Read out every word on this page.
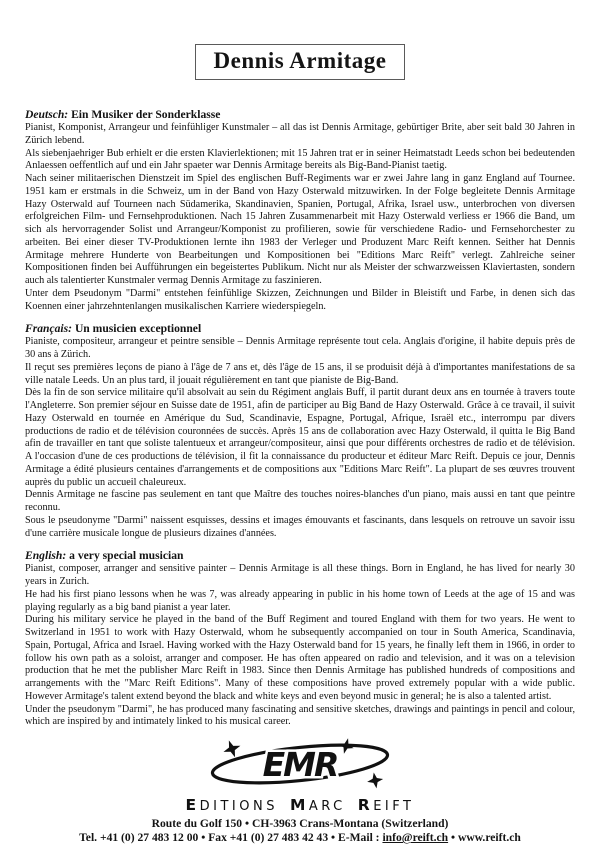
Dennis Armitage
Deutsch: Ein Musiker der Sonderklasse

Pianist, Komponist, Arrangeur und feinfühliger Kunstmaler – all das ist Dennis Armitage, gebürtiger Brite, aber seit bald 30 Jahren in Zürich lebend.

Als siebenjaehriger Bub erhielt er die ersten Klavierlektionen; mit 15 Jahren trat er in seiner Heimatstadt Leeds schon bei bedeutenden Anlaessen oeffentlich auf und ein Jahr spaeter war Dennis Armitage bereits als Big-Band-Pianist taetig.

Nach seiner militaerischen Dienstzeit im Spiel des englischen Buff-Regiments war er zwei Jahre lang in ganz England auf Tournee. 1951 kam er erstmals in die Schweiz, um in der Band von Hazy Osterwald mitzuwirken. In der Folge begleitete Dennis Armitage Hazy Osterwald auf Tourneen nach Südamerika, Skandinavien, Spanien, Portugal, Afrika, Israel usw., unterbrochen von diversen erfolgreichen Film- und Fernsehproduktionen. Nach 15 Jahren Zusammenarbeit mit Hazy Osterwald verliess er 1966 die Band, um sich als hervorragender Solist und Arrangeur/Komponist zu profilieren, sowie für verschiedene Radio- und Fernsehorchester zu arbeiten. Bei einer dieser TV-Produktionen lernte ihn 1983 der Verleger und Produzent Marc Reift kennen. Seither hat Dennis Armitage mehrere Hunderte von Bearbeitungen und Kompositionen bei "Editions Marc Reift" verlegt. Zahlreiche seiner Kompositionen finden bei Aufführungen ein begeistertes Publikum. Nicht nur als Meister der schwarzweissen Klaviertasten, sondern auch als talentierter Kunstmaler vermag Dennis Armitage zu faszinieren.

Unter dem Pseudonym "Darmi" entstehen feinfühlige Skizzen, Zeichnungen und Bilder in Bleistift und Farbe, in denen sich das Koennen einer jahrzehntenlangen musikalischen Karriere wiederspiegeln.

Français: Un musicien exceptionnel

Pianiste, compositeur, arrangeur et peintre sensible – Dennis Armitage représente tout cela. Anglais d'origine, il habite depuis près de 30 ans à Zürich.

Il reçut ses premières leçons de piano à l'âge de 7 ans et, dès l'âge de 15 ans, il se produisit déjà à d'importantes manifestations de sa ville natale Leeds. Un an plus tard, il jouait régulièrement en tant que pianiste de Big-Band.

Dès la fin de son service militaire qu'il absolvait au sein du Régiment anglais Buff, il partit durant deux ans en tournée à travers toute l'Angleterre. Son premier séjour en Suisse date de 1951, afin de participer au Big Band de Hazy Osterwald. Grâce à ce travail, il suivit Hazy Osterwald en tournée en Amérique du Sud, Scandinavie, Espagne, Portugal, Afrique, Israël etc., interrompu par divers productions de radio et de télévision couronnées de succès. Après 15 ans de collaboration avec Hazy Osterwald, il quitta le Big Band afin de travailler en tant que soliste talentueux et arrangeur/compositeur, ainsi que pour différents orchestres de radio et de télévision. A l'occasion d'une de ces productions de télévision, il fit la connaissance du producteur et éditeur Marc Reift. Depuis ce jour, Dennis Armitage a édité plusieurs centaines d'arrangements et de compositions aux "Editions Marc Reift". La plupart de ses œuvres trouvent auprès du public un accueil chaleureux.

Dennis Armitage ne fascine pas seulement en tant que Maître des touches noires-blanches d'un piano, mais aussi en tant que peintre reconnu.

Sous le pseudonyme "Darmi" naissent esquisses, dessins et images émouvants et fascinants, dans lesquels on retrouve un savoir issu d'une carrière musicale longue de plusieurs dizaines d'années.

English: a very special musician

Pianist, composer, arranger and sensitive painter – Dennis Armitage is all these things. Born in England, he has lived for nearly 30 years in Zurich.

He had his first piano lessons when he was 7, was already appearing in public in his home town of Leeds at the age of 15 and was playing regularly as a big band pianist a year later.

During his military service he played in the band of the Buff Regiment and toured England with them for two years. He went to Switzerland in 1951 to work with Hazy Osterwald, whom he subsequently accompanied on tour in South America, Scandinavia, Spain, Portugal, Africa and Israel. Having worked with the Hazy Osterwald band for 15 years, he finally left them in 1966, in order to follow his own path as a soloist, arranger and composer. He has often appeared on radio and television, and it was on a television production that he met the publisher Marc Reift in 1983. Since then Dennis Armitage has published hundreds of compositions and arrangements with the "Marc Reift Editions". Many of these compositions have proved extremely popular with a wide public. However Armitage's talent extend beyond the black and white keys and even beyond music in general; he is also a talented artist.

Under the pseudonym "Darmi", he has produced many fascinating and sensitive sketches, drawings and paintings in pencil and colour, which are inspired by and intimately linked to his musical career.

EMR
EDITIONS MARC REIFT
Route du Golf 150 • CH-3963 Crans-Montana (Switzerland)
Tel. +41 (0) 27 483 12 00 • Fax +41 (0) 27 483 42 43 • E-Mail : info@reift.ch • www.reift.ch
